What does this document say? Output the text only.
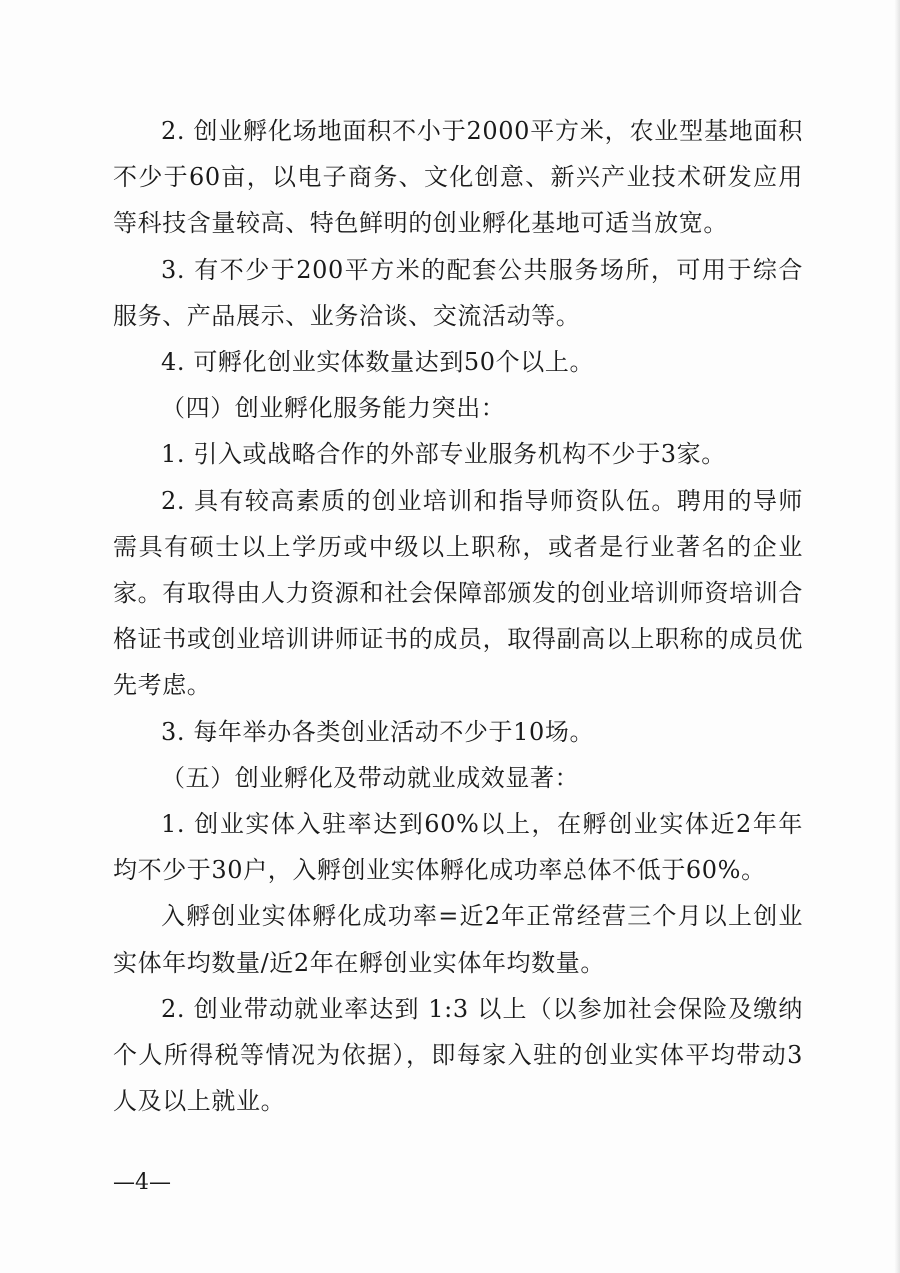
2. 创业孵化场地面积不小于2000平方米，农业型基地面积不少于60亩，以电子商务、文化创意、新兴产业技术研发应用等科技含量较高、特色鲜明的创业孵化基地可适当放宽。

3. 有不少于200平方米的配套公共服务场所，可用于综合服务、产品展示、业务洽谈、交流活动等。

4. 可孵化创业实体数量达到50个以上。

（四）创业孵化服务能力突出：

1. 引入或战略合作的外部专业服务机构不少于3家。

2. 具有较高素质的创业培训和指导师资队伍。聘用的导师需具有硕士以上学历或中级以上职称，或者是行业著名的企业家。有取得由人力资源和社会保障部颁发的创业培训师资培训合格证书或创业培训讲师证书的成员，取得副高以上职称的成员优先考虑。

3. 每年举办各类创业活动不少于10场。

（五）创业孵化及带动就业成效显著：

1. 创业实体入驻率达到60%以上，在孵创业实体近2年年均不少于30户，入孵创业实体孵化成功率总体不低于60%。

入孵创业实体孵化成功率=近2年正常经营三个月以上创业实体年均数量/近2年在孵创业实体年均数量。

2. 创业带动就业率达到 1:3 以上（以参加社会保险及缴纳个人所得税等情况为依据），即每家入驻的创业实体平均带动3人及以上就业。

—4—
